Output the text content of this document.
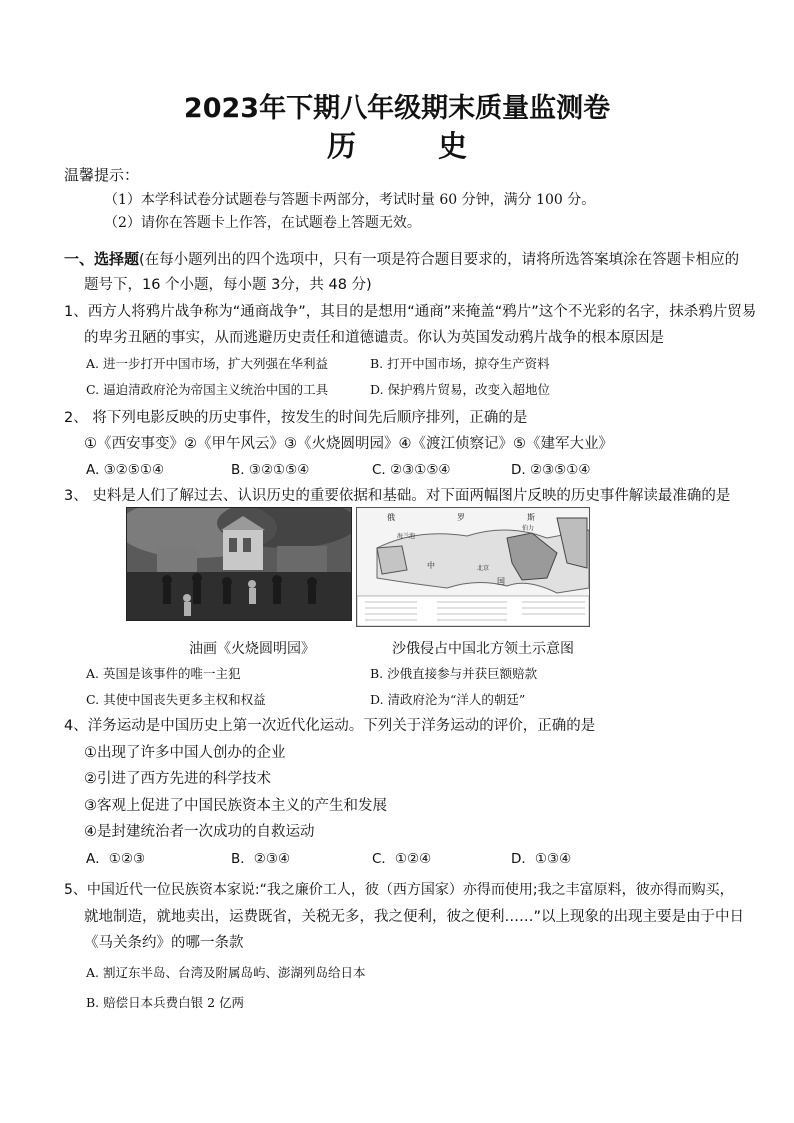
2023年下期八年级期末质量监测卷
历 史
温馨提示：
（1）本学科试卷分试题卷与答题卡两部分，考试时量 60 分钟，满分 100 分。
（2）请你在答题卡上作答，在试题卷上答题无效。
一、选择题(在每小题列出的四个选项中，只有一项是符合题目要求的，请将所选答案填涂在答题卡相应的
题号下，16 个小题，每小题 3分，共 48 分)
1、西方人将鸦片战争称为“通商战争”，其目的是想用“通商”来掩盖“鸦片”这个不光彩的名字，抹杀鸦片贸易
的卑劣丑陋的事实，从而逃避历史责任和道德谴责。你认为英国发动鸦片战争的根本原因是
A. 进一步打开中国市场，扩大列强在华利益	B. 打开中国市场，掠夺生产资料
C. 逼迫清政府沦为帝国主义统治中国的工具	D. 保护鸦片贸易，改变入超地位
2、 将下列电影反映的历史事件，按发生的时间先后顺序排列，正确的是
①《西安事变》②《甲午风云》③《火烧圆明园》④《渡江侦察记》⑤《建军大业》
A. ③②⑤①④	B. ③②①⑤④	C. ②③①⑤④	D. ②③⑤①④
3、 史料是人们了解过去、认识历史的重要依据和基础。对下面两幅图片反映的历史事件解读最准确的是
俄	罗	斯
中
国
伯力
海兰泡
北京
油画《火烧圆明园》	沙俄侵占中国北方领土示意图
A. 英国是该事件的唯一主犯	B. 沙俄直接参与并获巨额赔款
C. 其使中国丧失更多主权和权益	D. 清政府沦为“洋人的朝廷”
4、洋务运动是中国历史上第一次近代化运动。下列关于洋务运动的评价，正确的是
①出现了许多中国人创办的企业
②引进了西方先进的科学技术
③客观上促进了中国民族资本主义的产生和发展
④是封建统治者一次成功的自救运动
A．①②③	B．②③④	C．①②④	D．①③④
5、中国近代一位民族资本家说:“我之廉价工人，彼（西方国家）亦得而使用;我之丰富原料，彼亦得而购买，
就地制造，就地卖出，运费既省，关税无多，我之便利，彼之便利……”以上现象的出现主要是由于中日
《马关条约》的哪一条款
A. 割辽东半岛、台湾及附属岛屿、澎湖列岛给日本
B. 赔偿日本兵费白银 2 亿两
